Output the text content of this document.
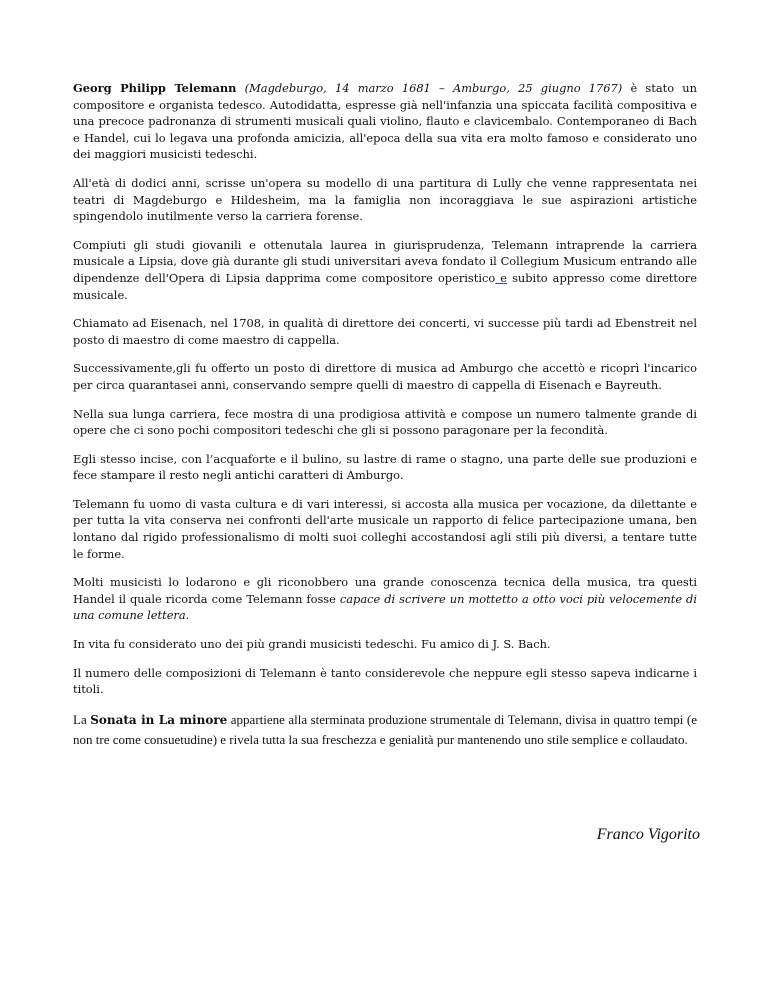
Georg Philipp Telemann (Magdeburgo, 14 marzo 1681 – Amburgo, 25 giugno 1767) è stato un compositore e organista tedesco. Autodidatta, espresse già nell'infanzia una spiccata facilità compositiva e una precoce padronanza di strumenti musicali quali violino, flauto e clavicembalo. Contemporaneo di Bach e Handel, cui lo legava una profonda amicizia, all'epoca della sua vita era molto famoso e considerato uno dei maggiori musicisti tedeschi.

All'età di dodici anni, scrisse un'opera su modello di una partitura di Lully che venne rappresentata nei teatri di Magdeburgo e Hildesheim, ma la famiglia non incoraggiava le sue aspirazioni artistiche spingendolo inutilmente verso la carriera forense.

Compiuti gli studi giovanili e ottenutala laurea in giurisprudenza, Telemann intraprende la carriera musicale a Lipsia, dove già durante gli studi universitari aveva fondato il Collegium Musicum entrando alle dipendenze dell'Opera di Lipsia dapprima come compositore operistico e subito appresso come direttore musicale.

Chiamato ad Eisenach, nel 1708, in qualità di direttore dei concerti, vi successe più tardi ad Ebenstreit nel posto di maestro di come maestro di cappella.

Successivamente,gli fu offerto un posto di direttore di musica ad Amburgo che accettò e ricoprì l'incarico per circa quarantasei anni, conservando sempre quelli di maestro di cappella di Eisenach e Bayreuth.

Nella sua lunga carriera, fece mostra di una prodigiosa attività e compose un numero talmente grande di opere che ci sono pochi compositori tedeschi che gli si possono paragonare per la fecondità.

Egli stesso incise, con l’acquaforte e il bulino, su lastre di rame o stagno, una parte delle sue produzioni e fece stampare il resto negli antichi caratteri di Amburgo.

Telemann fu uomo di vasta cultura e di vari interessi, si accosta alla musica per vocazione, da dilettante e per tutta la vita conserva nei confronti dell'arte musicale un rapporto di felice partecipazione umana, ben lontano dal rigido professionalismo di molti suoi colleghi accostandosi agli stili più diversi, a tentare tutte le forme.

Molti musicisti lo lodarono e gli riconobbero una grande conoscenza tecnica della musica, tra questi Handel il quale ricorda come Telemann fosse capace di scrivere un mottetto a otto voci più velocemente di una comune lettera.

In vita fu considerato uno dei più grandi musicisti tedeschi. Fu amico di J. S. Bach.

Il numero delle composizioni di Telemann è tanto considerevole che neppure egli stesso sapeva indicarne i titoli.

La Sonata in La minore appartiene alla sterminata produzione strumentale di Telemann, divisa in quattro tempi (e non tre come consuetudine) e rivela tutta la sua freschezza e genialità pur mantenendo uno stile semplice e collaudato.

Franco Vigorito
